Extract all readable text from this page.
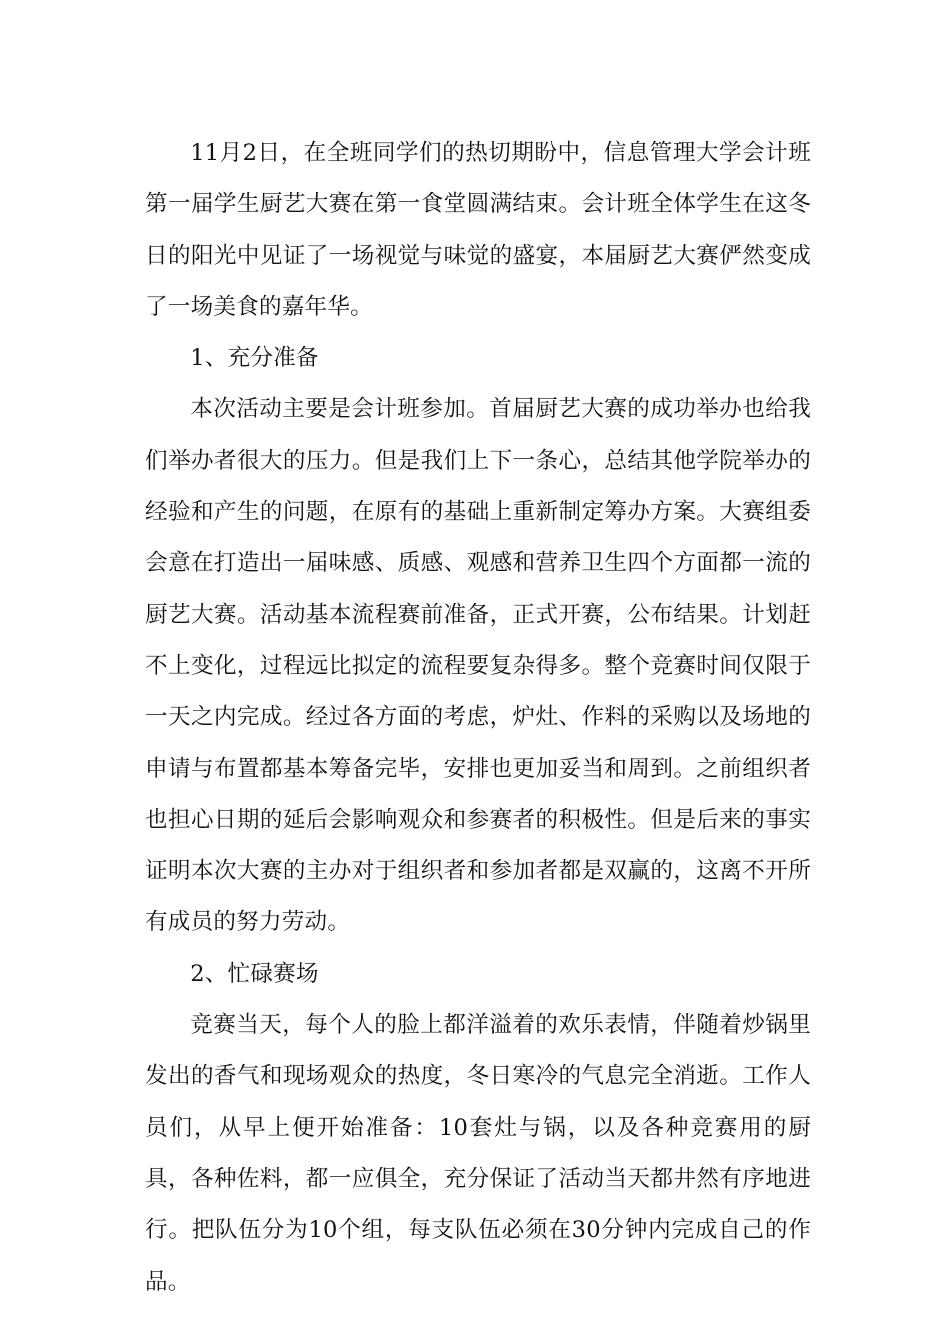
11月2日，在全班同学们的热切期盼中，信息管理大学会计班第一届学生厨艺大赛在第一食堂圆满结束。会计班全体学生在这冬日的阳光中见证了一场视觉与味觉的盛宴，本届厨艺大赛俨然变成了一场美食的嘉年华。

1、充分准备

本次活动主要是会计班参加。首届厨艺大赛的成功举办也给我们举办者很大的压力。但是我们上下一条心，总结其他学院举办的经验和产生的问题，在原有的基础上重新制定筹办方案。大赛组委会意在打造出一届味感、质感、观感和营养卫生四个方面都一流的厨艺大赛。活动基本流程赛前准备，正式开赛，公布结果。计划赶不上变化，过程远比拟定的流程要复杂得多。整个竞赛时间仅限于一天之内完成。经过各方面的考虑，炉灶、作料的采购以及场地的申请与布置都基本筹备完毕，安排也更加妥当和周到。之前组织者也担心日期的延后会影响观众和参赛者的积极性。但是后来的事实证明本次大赛的主办对于组织者和参加者都是双赢的，这离不开所有成员的努力劳动。

2、忙碌赛场

竞赛当天，每个人的脸上都洋溢着的欢乐表情，伴随着炒锅里发出的香气和现场观众的热度，冬日寒冷的气息完全消逝。工作人员们，从早上便开始准备：10套灶与锅，以及各种竞赛用的厨具，各种佐料，都一应俱全，充分保证了活动当天都井然有序地进行。把队伍分为10个组，每支队伍必须在30分钟内完成自己的作品。
